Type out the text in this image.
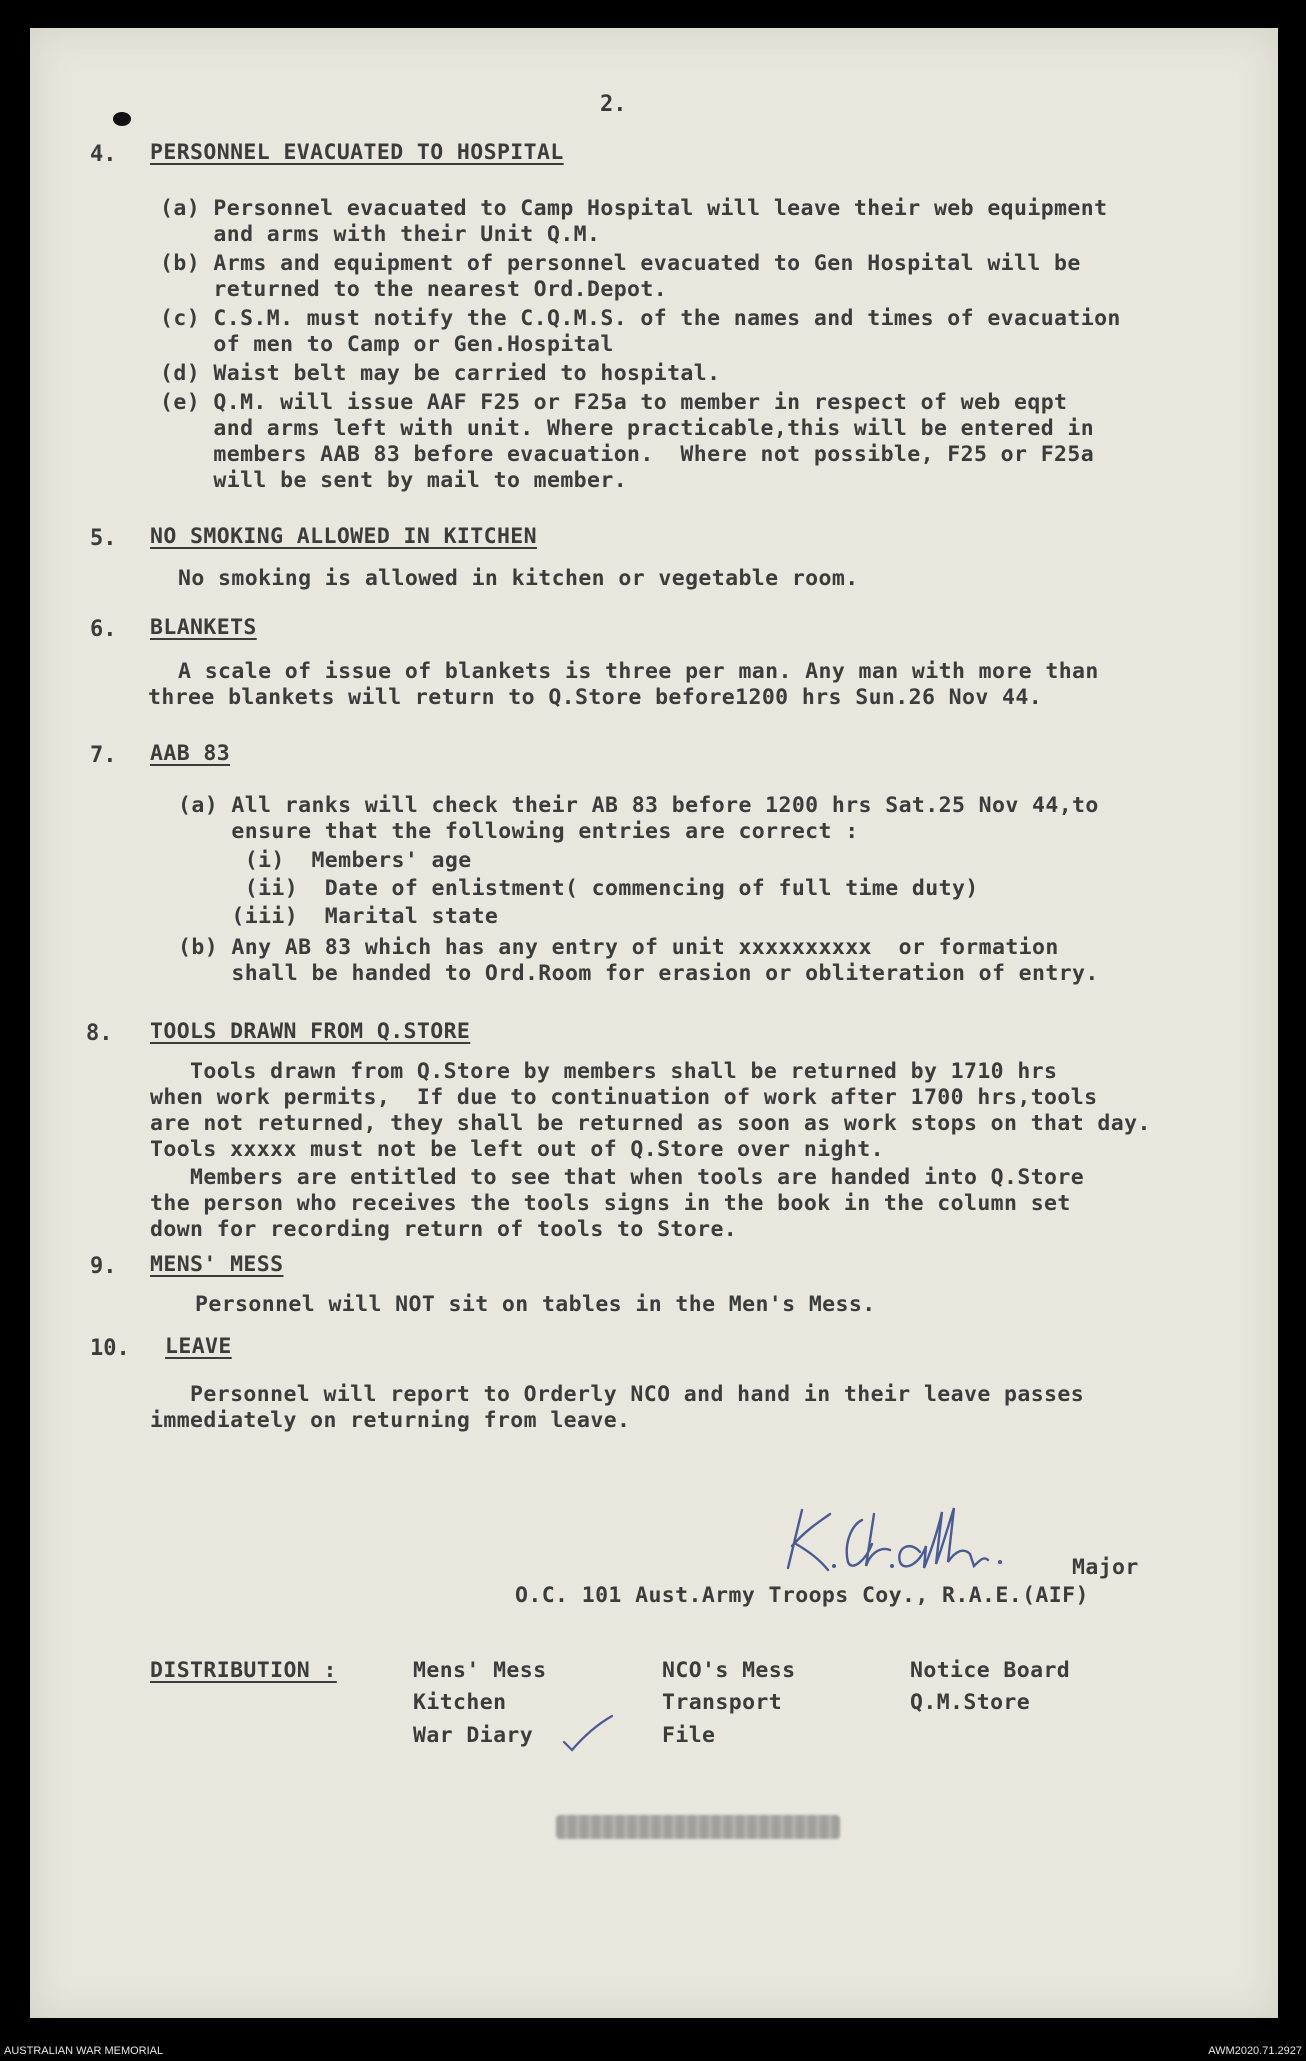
2.
4. PERSONNEL EVACUATED TO HOSPITAL
(a) Personnel evacuated to Camp Hospital will leave their web equipment
and arms with their Unit Q.M.
(b) Arms and equipment of personnel evacuated to Gen Hospital will be
returned to the nearest Ord.Depot.
(c) C.S.M. must notify the C.Q.M.S. of the names and times of evacuation
of men to Camp or Gen.Hospital
(d) Waist belt may be carried to hospital.
(e) Q.M. will issue AAF F25 or F25a to member in respect of web eqpt
and arms left with unit. Where practicable,this will be entered in
members AAB 83 before evacuation.  Where not possible, F25 or F25a
will be sent by mail to member.
5. NO SMOKING ALLOWED IN KITCHEN
No smoking is allowed in kitchen or vegetable room.
6. BLANKETS
A scale of issue of blankets is three per man. Any man with more than
three blankets will return to Q.Store before1200 hrs Sun.26 Nov 44.
7. AAB 83
(a) All ranks will check their AB 83 before 1200 hrs Sat.25 Nov 44,to
ensure that the following entries are correct :
(i)  Members' age
(ii)  Date of enlistment( commencing of full time duty)
(iii)  Marital state
(b) Any AB 83 which has any entry of unit xxxxxxxxxx  or formation
shall be handed to Ord.Room for erasion or obliteration of entry.
8. TOOLS DRAWN FROM Q.STORE
Tools drawn from Q.Store by members shall be returned by 1710 hrs
when work permits,  If due to continuation of work after 1700 hrs,tools
are not returned, they shall be returned as soon as work stops on that day.
Tools xxxxx must not be left out of Q.Store over night.
Members are entitled to see that when tools are handed into Q.Store
the person who receives the tools signs in the book in the column set
down for recording return of tools to Store.
9. MENS' MESS
Personnel will NOT sit on tables in the Men's Mess.
10. LEAVE
Personnel will report to Orderly NCO and hand in their leave passes
immediately on returning from leave.
Major
O.C. 101 Aust.Army Troops Coy., R.A.E.(AIF)
DISTRIBUTION :	Mens' Mess
Kitchen
War Diary
NCO's Mess
Transport
File
Notice Board
Q.M.Store
AUSTRALIAN WAR MEMORIAL	AWM2020.71.2927
